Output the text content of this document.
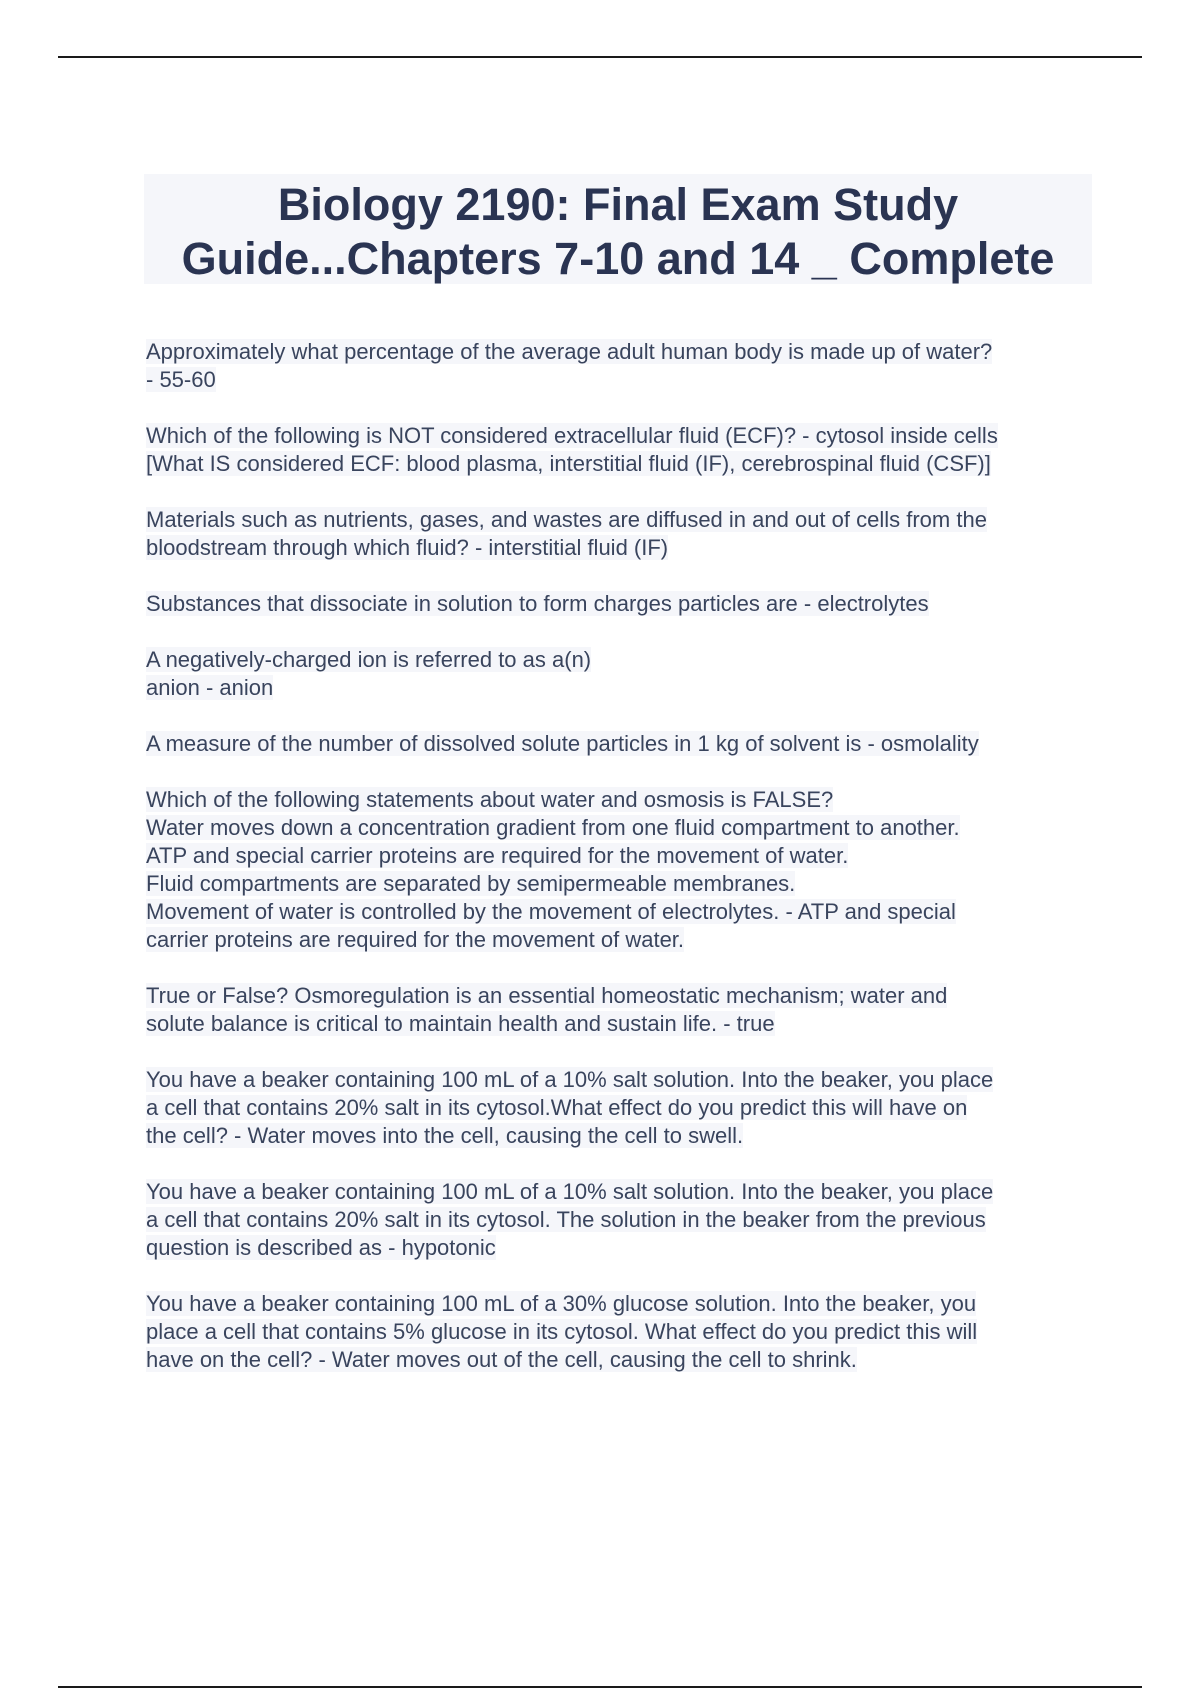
Biology 2190: Final Exam Study
Guide...Chapters 7-10 and 14 _ Complete

Approximately what percentage of the average adult human body is made up of water?
- 55-60

Which of the following is NOT considered extracellular fluid (ECF)? - cytosol inside cells
[What IS considered ECF: blood plasma, interstitial fluid (IF), cerebrospinal fluid (CSF)]

Materials such as nutrients, gases, and wastes are diffused in and out of cells from the
bloodstream through which fluid? - interstitial fluid (IF)

Substances that dissociate in solution to form charges particles are - electrolytes

A negatively-charged ion is referred to as a(n)
anion - anion

A measure of the number of dissolved solute particles in 1 kg of solvent is - osmolality

Which of the following statements about water and osmosis is FALSE?
Water moves down a concentration gradient from one fluid compartment to another.
ATP and special carrier proteins are required for the movement of water.
Fluid compartments are separated by semipermeable membranes.
Movement of water is controlled by the movement of electrolytes. - ATP and special
carrier proteins are required for the movement of water.

True or False? Osmoregulation is an essential homeostatic mechanism; water and
solute balance is critical to maintain health and sustain life. - true

You have a beaker containing 100 mL of a 10% salt solution. Into the beaker, you place
a cell that contains 20% salt in its cytosol.What effect do you predict this will have on
the cell? - Water moves into the cell, causing the cell to swell.

You have a beaker containing 100 mL of a 10% salt solution. Into the beaker, you place
a cell that contains 20% salt in its cytosol. The solution in the beaker from the previous
question is described as - hypotonic

You have a beaker containing 100 mL of a 30% glucose solution. Into the beaker, you
place a cell that contains 5% glucose in its cytosol. What effect do you predict this will
have on the cell? - Water moves out of the cell, causing the cell to shrink.
